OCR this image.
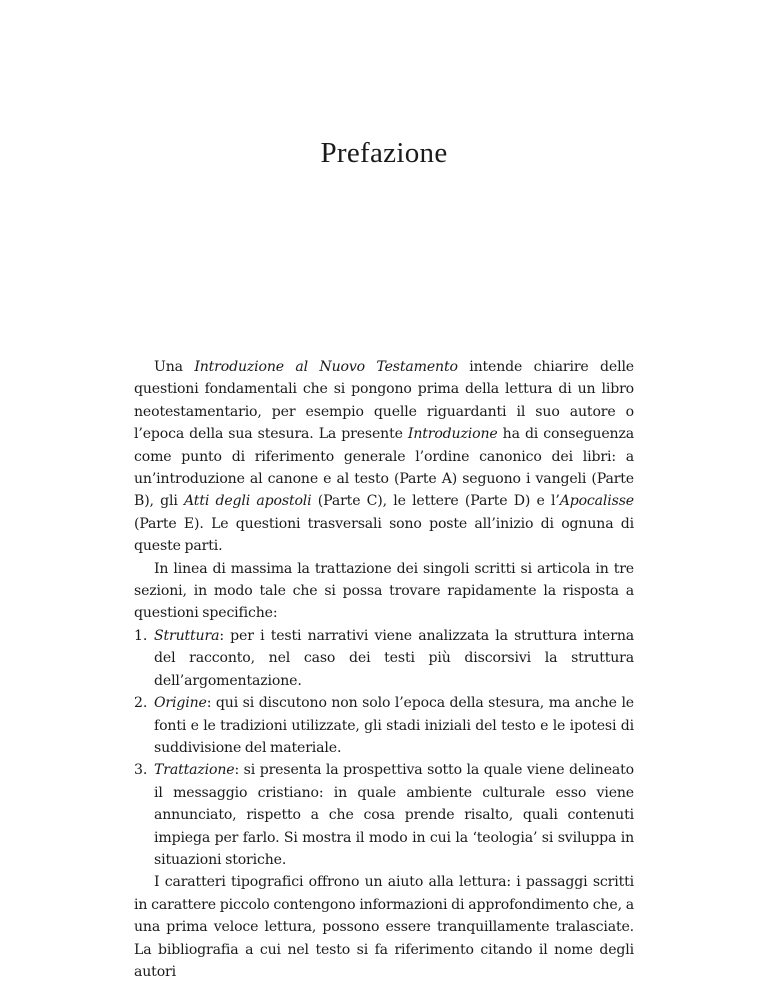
Prefazione

Una Introduzione al Nuovo Testamento intende chiarire delle questioni fondamentali che si pongono prima della lettura di un libro neotestamentario, per esempio quelle riguardanti il suo autore o l’epoca della sua stesura. La presente Introduzione ha di conseguenza come punto di riferimento generale l’ordine canonico dei libri: a un’introduzione al canone e al testo (Parte A) seguono i vangeli (Parte B), gli Atti degli apostoli (Parte C), le lettere (Parte D) e l’Apocalisse (Parte E). Le questioni trasversali sono poste all’inizio di ognuna di queste parti.

In linea di massima la trattazione dei singoli scritti si articola in tre sezioni, in modo tale che si possa trovare rapidamente la risposta a questioni specifiche:

1. Struttura: per i testi narrativi viene analizzata la struttura interna del racconto, nel caso dei testi più discorsivi la struttura dell’argomentazione.
2. Origine: qui si discutono non solo l’epoca della stesura, ma anche le fonti e le tradizioni utilizzate, gli stadi iniziali del testo e le ipotesi di suddivisione del materiale.
3. Trattazione: si presenta la prospettiva sotto la quale viene delineato il messaggio cristiano: in quale ambiente culturale esso viene annunciato, rispetto a che cosa prende risalto, quali contenuti impiega per farlo. Si mostra il modo in cui la ‘teologia’ si sviluppa in situazioni storiche.

I caratteri tipografici offrono un aiuto alla lettura: i passaggi scritti in carattere piccolo contengono informazioni di approfondimento che, a una prima veloce lettura, possono essere tranquillamente tralasciate. La bibliografia a cui nel testo si fa riferimento citando il nome degli autori
